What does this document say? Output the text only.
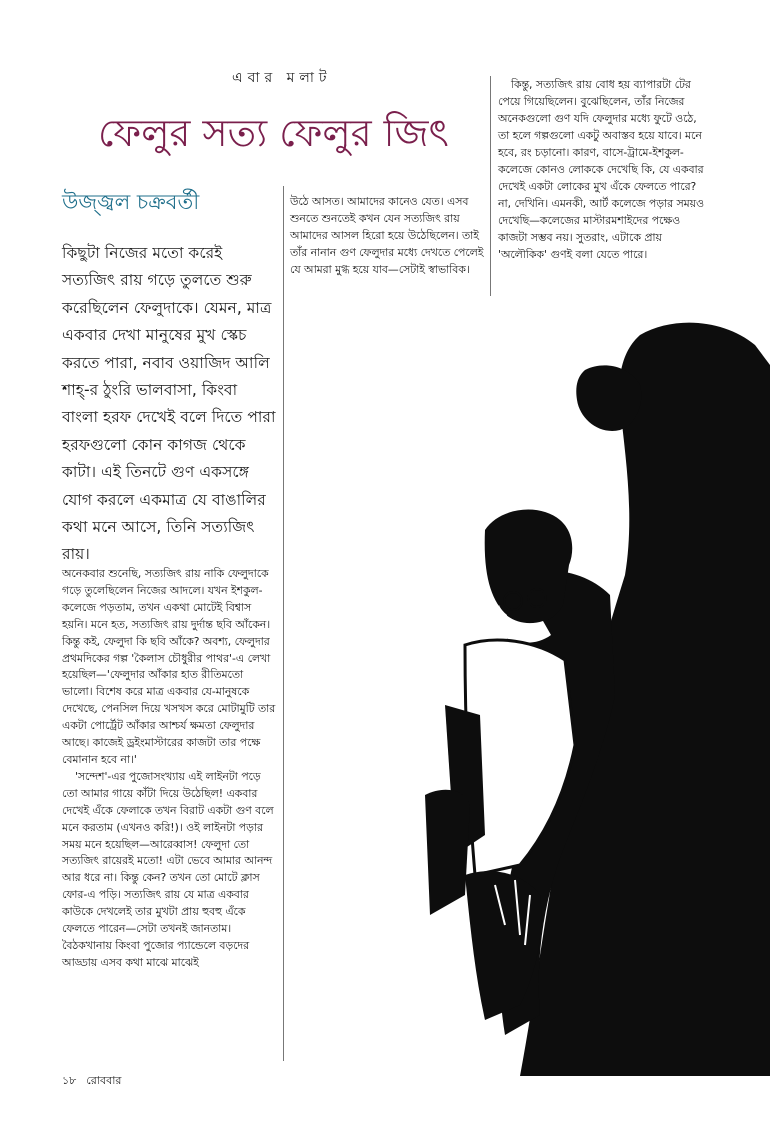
এবার মলাট
ফেলুর সত্য ফেলুর জিৎ
উজ্জ্বল চক্রবর্তী

কিছুটা নিজের মতো করেই সত্যজিৎ রায় গড়ে তুলতে শুরু করেছিলেন ফেলুদাকে। যেমন, মাত্র একবার দেখা মানুষের মুখ স্কেচ করতে পারা, নবাব ওয়াজিদ আলি শাহ্-র ঠুংরি ভালবাসা, কিংবা বাংলা হরফ দেখেই বলে দিতে পারা হরফগুলো কোন কাগজ থেকে কাটা। এই তিনটে গুণ একসঙ্গে যোগ করলে একমাত্র যে বাঙালির কথা মনে আসে, তিনি সত্যজিৎ রায়।

অনেকবার শুনেছি, সত্যজিৎ রায় নাকি ফেলুদাকে গড়ে তুলেছিলেন নিজের আদলে। যখন ইশকুল-কলেজে পড়তাম, তখন একথা মোটেই বিশ্বাস হয়নি। মনে হত, সত্যজিৎ রায় দুর্দান্ত ছবি আঁকেন। কিন্তু কই, ফেলুদা কি ছবি আঁকে? অবশ্য, ফেলুদার প্রথমদিকের গল্প 'কৈলাস চৌধুরীর পাথর'-এ লেখা হয়েছিল—'ফেলুদার আঁকার হাত রীতিমতো ভালো। বিশেষ করে মাত্র একবার যে-মানুষকে দেখেছে, পেনসিল দিয়ে খসখস করে মোটামুটি তার একটা পোর্ট্রেট আঁকার আশ্চর্য ক্ষমতা ফেলুদার আছে। কাজেই ড্রইংমাস্টারের কাজটা তার পক্ষে বেমানান হবে না।'

'সন্দেশ'-এর পুজোসংখ্যায় এই লাইনটা পড়ে তো আমার গায়ে কাঁটা দিয়ে উঠেছিল! একবার দেখেই এঁকে ফেলাকে তখন বিরাট একটা গুণ বলে মনে করতাম (এখনও করি!)। ওই লাইনটা পড়ার সময় মনে হয়েছিল—আরেব্বাস! ফেলুদা তো সত্যজিৎ রায়েরই মতো! এটা ভেবে আমার আনন্দ আর ধরে না। কিন্তু কেন? তখন তো মোটে ক্লাস ফোর-এ পড়ি। সত্যজিৎ রায় যে মাত্র একবার কাউকে দেখলেই তার মুখটা প্রায় হুবহু এঁকে ফেলতে পারেন—সেটা তখনই জানতাম। বৈঠকখানায় কিংবা পুজোর প্যান্ডেলে বড়দের আড্ডায় এসব কথা মাঝে মাঝেই

উঠে আসত। আমাদের কানেও যেত। এসব শুনতে শুনতেই কখন যেন সত্যজিৎ রায় আমাদের আসল হিরো হয়ে উঠেছিলেন। তাই তাঁর নানান গুণ ফেলুদার মধ্যে দেখতে পেলেই যে আমরা মুগ্ধ হয়ে যাব—সেটাই স্বাভাবিক।

কিন্তু, সত্যজিৎ রায় বোধ হয় ব্যাপারটা টের পেয়ে গিয়েছিলেন। বুঝেছিলেন, তাঁর নিজের অনেকগুলো গুণ যদি ফেলুদার মধ্যে ফুটে ওঠে, তা হলে গল্পগুলো একটু অবাস্তব হয়ে যাবে। মনে হবে, রং চড়ানো। কারণ, বাসে-ট্রামে-ইশকুল-কলেজে কোনও লোককে দেখেছি কি, যে একবার দেখেই একটা লোকের মুখ এঁকে ফেলতে পারে? না, দেখিনি। এমনকী, আর্ট কলেজে পড়ার সময়ও দেখেছি—কলেজের মাস্টারমশাইদের পক্ষেও কাজটা সম্ভব নয়। সুতরাং, এটাকে প্রায় 'অলৌকিক' গুণই বলা যেতে পারে।

১৮ রোববার
